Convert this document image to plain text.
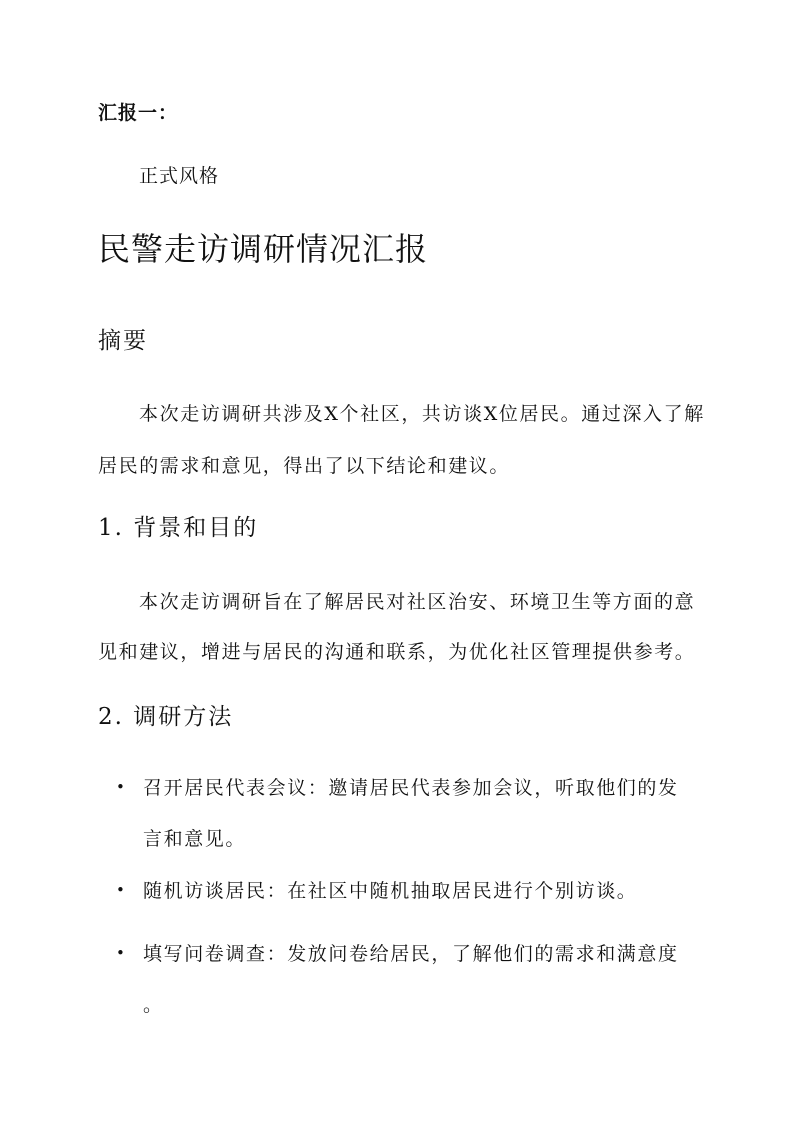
汇报一：
正式风格
民警走访调研情况汇报
摘要

本次走访调研共涉及X个社区，共访谈X位居民。通过深入了解

居民的需求和意见，得出了以下结论和建议。

1. 背景和目的

本次走访调研旨在了解居民对社区治安、环境卫生等方面的意

见和建议，增进与居民的沟通和联系，为优化社区管理提供参考。

2. 调研方法
• 召开居民代表会议：邀请居民代表参加会议，听取他们的发
言和意见。
• 随机访谈居民：在社区中随机抽取居民进行个别访谈。
• 填写问卷调查：发放问卷给居民，了解他们的需求和满意度
。
